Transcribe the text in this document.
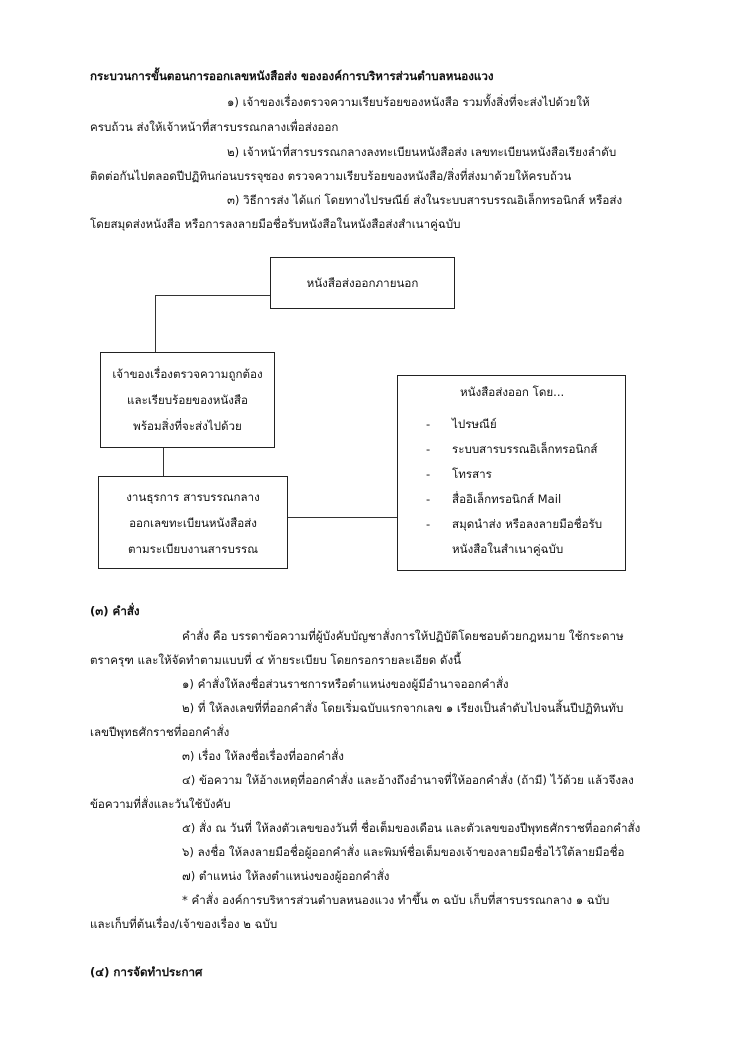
กระบวนการขั้นตอนการออกเลขหนังสือส่ง ขององค์การบริหารส่วนตำบลหนองแวง
๑) เจ้าของเรื่องตรวจความเรียบร้อยของหนังสือ รวมทั้งสิ่งที่จะส่งไปด้วยให้
ครบถ้วน ส่งให้เจ้าหน้าที่สารบรรณกลางเพื่อส่งออก
๒) เจ้าหน้าที่สารบรรณกลางลงทะเบียนหนังสือส่ง เลขทะเบียนหนังสือเรียงลำดับ
ติดต่อกันไปตลอดปีปฏิทินก่อนบรรจุซอง ตรวจความเรียบร้อยของหนังสือ/สิ่งที่ส่งมาด้วยให้ครบถ้วน
๓) วิธีการส่ง ได้แก่ โดยทางไปรษณีย์ ส่งในระบบสารบรรณอิเล็กทรอนิกส์ หรือส่ง
โดยสมุดส่งหนังสือ หรือการลงลายมือชื่อรับหนังสือในหนังสือส่งสำเนาคู่ฉบับ
หนังสือส่งออกภายนอก
เจ้าของเรื่องตรวจความถูกต้อง
และเรียบร้อยของหนังสือ
พร้อมสิ่งที่จะส่งไปด้วย
งานธุรการ สารบรรณกลาง
ออกเลขทะเบียนหนังสือส่ง
ตามระเบียบงานสารบรรณ
หนังสือส่งออก โดย...
- ไปรษณีย์
- ระบบสารบรรณอิเล็กทรอนิกส์
- โทรสาร
- สื่ออิเล็กทรอนิกส์ Mail
- สมุดนำส่ง หรือลงลายมือชื่อรับ
หนังสือในสำเนาคู่ฉบับ
(๓) คำสั่ง
คำสั่ง คือ บรรดาข้อความที่ผู้บังคับบัญชาสั่งการให้ปฏิบัติโดยชอบด้วยกฎหมาย ใช้กระดาษ
ตราครุฑ และให้จัดทำตามแบบที่ ๔ ท้ายระเบียบ โดยกรอกรายละเอียด ดังนี้
๑) คำสั่งให้ลงชื่อส่วนราชการหรือตำแหน่งของผู้มีอำนาจออกคำสั่ง
๒) ที่ ให้ลงเลขที่ที่ออกคำสั่ง โดยเริ่มฉบับแรกจากเลข ๑ เรียงเป็นลำดับไปจนสิ้นปีปฏิทินทับ
เลขปีพุทธศักราชที่ออกคำสั่ง
๓) เรื่อง ให้ลงชื่อเรื่องที่ออกคำสั่ง
๔) ข้อความ ให้อ้างเหตุที่ออกคำสั่ง และอ้างถึงอำนาจที่ให้ออกคำสั่ง (ถ้ามี) ไว้ด้วย แล้วจึงลง
ข้อความที่สั่งและวันใช้บังคับ
๕) สั่ง ณ วันที่ ให้ลงตัวเลขของวันที่ ชื่อเต็มของเดือน และตัวเลขของปีพุทธศักราชที่ออกคำสั่ง
๖) ลงชื่อ ให้ลงลายมือชื่อผู้ออกคำสั่ง และพิมพ์ชื่อเต็มของเจ้าของลายมือชื่อไว้ใต้ลายมือชื่อ
๗) ตำแหน่ง ให้ลงตำแหน่งของผู้ออกคำสั่ง
* คำสั่ง องค์การบริหารส่วนตำบลหนองแวง ทำขึ้น ๓ ฉบับ เก็บที่สารบรรณกลาง ๑ ฉบับ
และเก็บที่ต้นเรื่อง/เจ้าของเรื่อง ๒ ฉบับ
(๔) การจัดทำประกาศ
